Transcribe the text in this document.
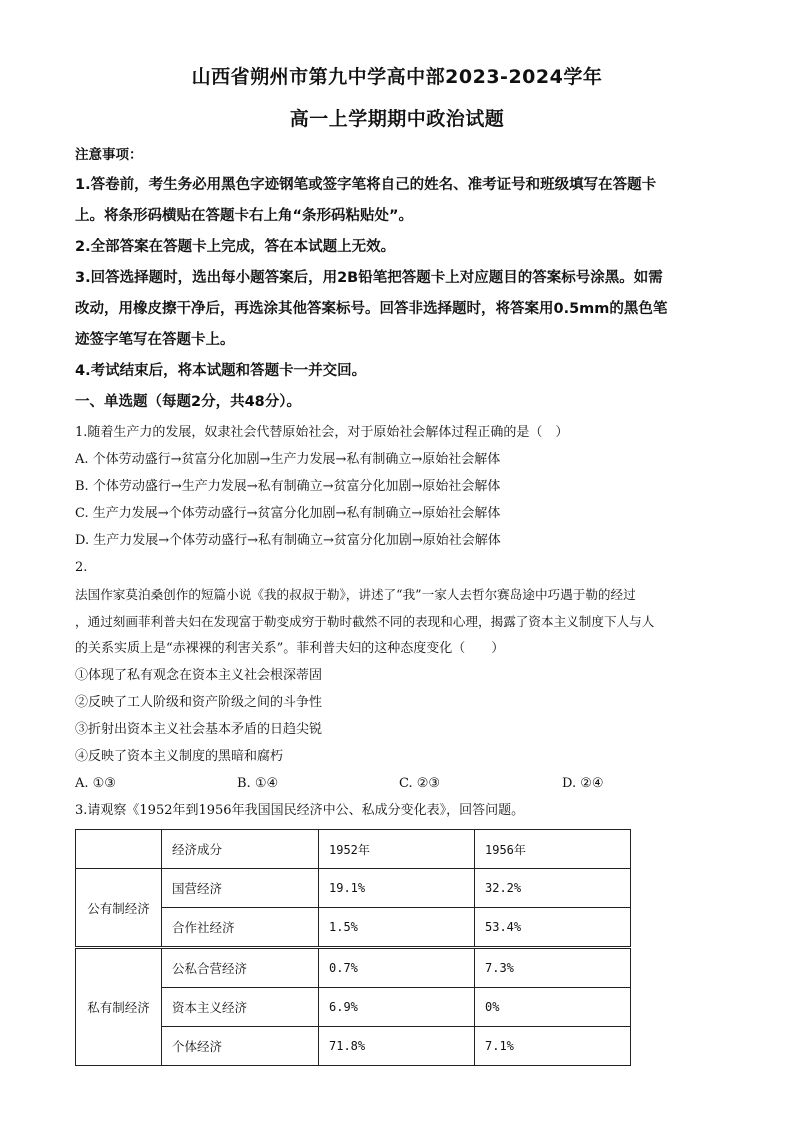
山西省朔州市第九中学高中部2023-2024学年
高一上学期期中政治试题
注意事项：
1.答卷前，考生务必用黑色字迹钢笔或签字笔将自己的姓名、准考证号和班级填写在答题卡
上。将条形码横贴在答题卡右上角“条形码粘贴处”。
2.全部答案在答题卡上完成，答在本试题上无效。
3.回答选择题时，选出每小题答案后，用2B铅笔把答题卡上对应题目的答案标号涂黑。如需
改动，用橡皮擦干净后，再选涂其他答案标号。回答非选择题时，将答案用0.5mm的黑色笔
迹签字笔写在答题卡上。
4.考试结束后，将本试题和答题卡一并交回。
一、单选题（每题2分，共48分）。
1.随着生产力的发展，奴隶社会代替原始社会，对于原始社会解体过程正确的是（　）
A. 个体劳动盛行→贫富分化加剧→生产力发展→私有制确立→原始社会解体
B. 个体劳动盛行→生产力发展→私有制确立→贫富分化加剧→原始社会解体
C. 生产力发展→个体劳动盛行→贫富分化加剧→私有制确立→原始社会解体
D. 生产力发展→个体劳动盛行→私有制确立→贫富分化加剧→原始社会解体
2.
法国作家莫泊桑创作的短篇小说《我的叔叔于勒》，讲述了“我”一家人去哲尔赛岛途中巧遇于勒的经过
，通过刻画菲利普夫妇在发现富于勒变成穷于勒时截然不同的表现和心理，揭露了资本主义制度下人与人
的关系实质上是“赤裸裸的利害关系”。菲利普夫妇的这种态度变化（　　）
①体现了私有观念在资本主义社会根深蒂固
②反映了工人阶级和资产阶级之间的斗争性
③折射出资本主义社会基本矛盾的日趋尖锐
④反映了资本主义制度的黑暗和腐朽
A. ①③	B. ①④	C. ②③	D. ②④
3.请观察《1952年到1956年我国国民经济中公、私成分变化表》，回答问题。
	经济成分	1952年	1956年
公有制经济	国营经济	19.1%	32.2%
	合作社经济	1.5%	53.4%
私有制经济	公私合营经济	0.7%	7.3%
	资本主义经济	6.9%	0%
	个体经济	71.8%	7.1%
